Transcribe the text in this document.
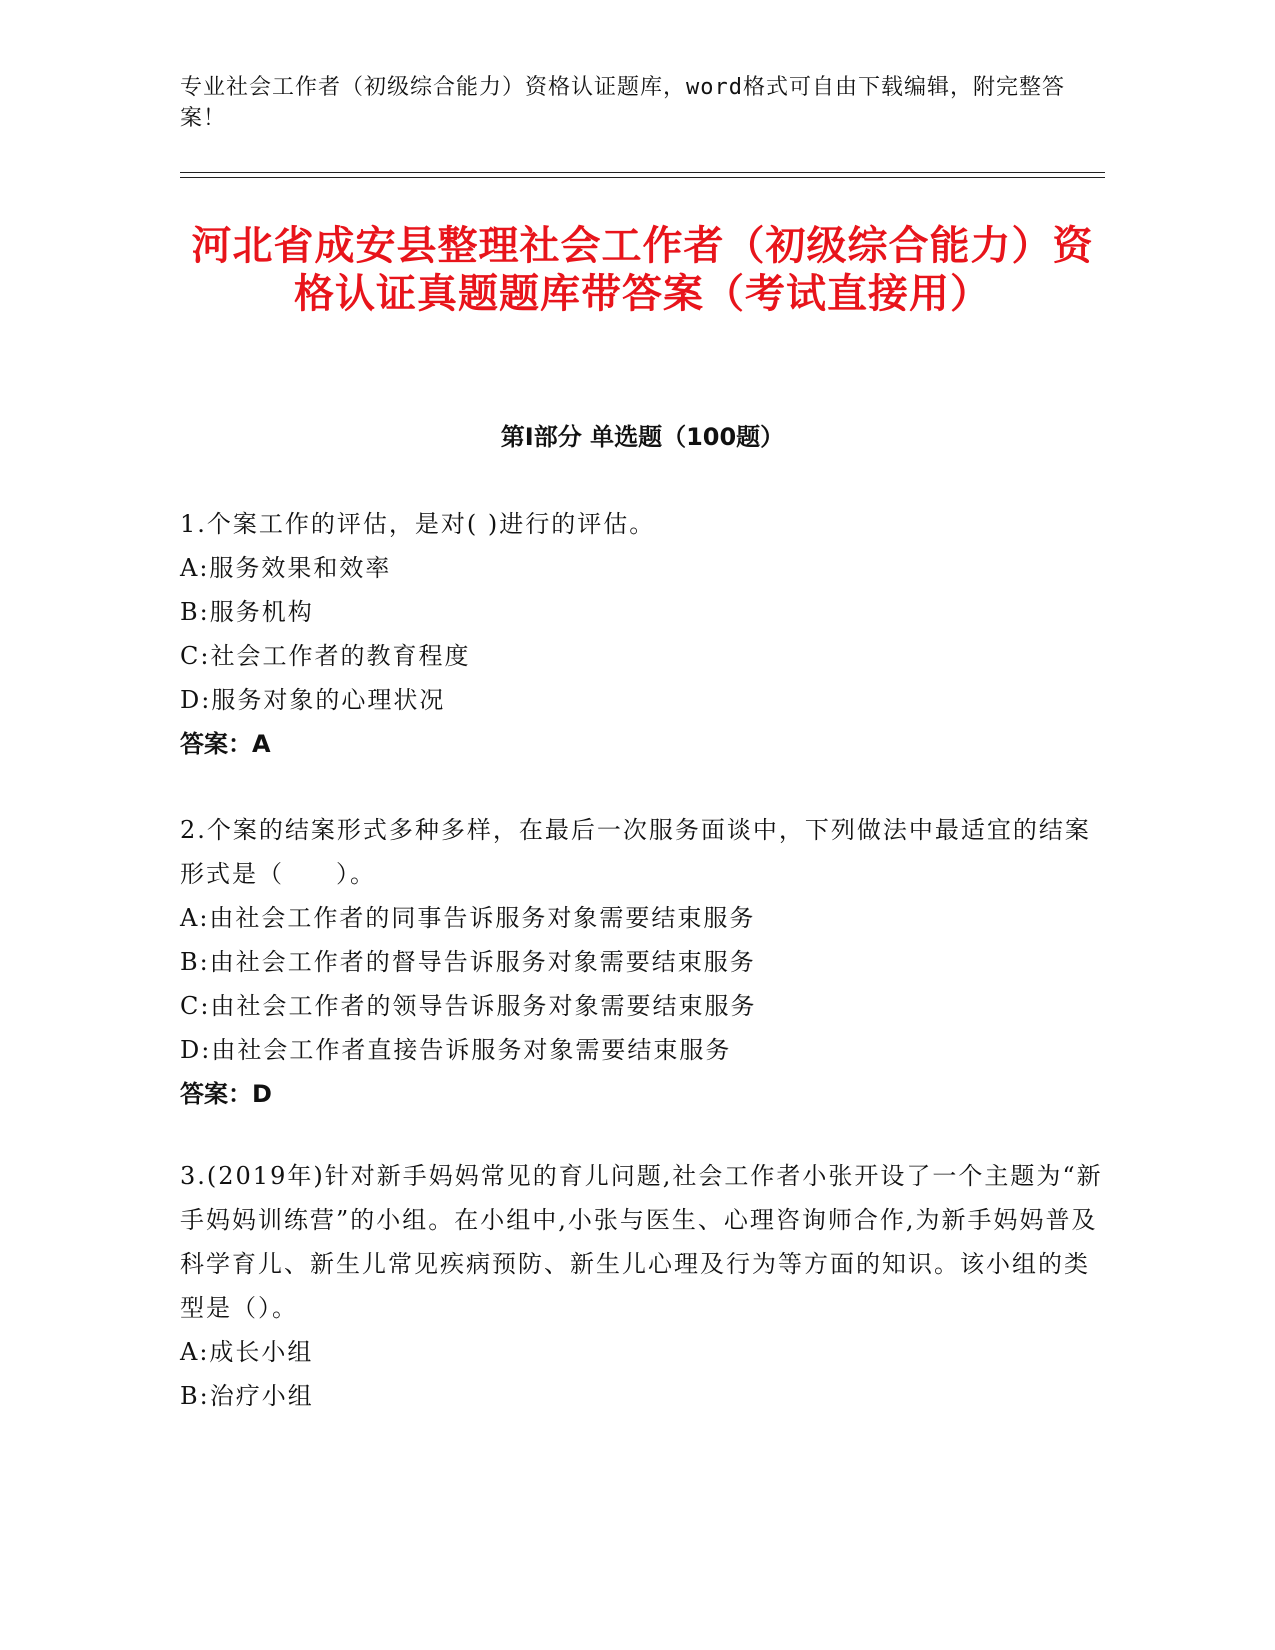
专业社会工作者（初级综合能力）资格认证题库，word格式可自由下载编辑，附完整答案！
河北省成安县整理社会工作者（初级综合能力）资格认证真题题库带答案（考试直接用）
第Ⅰ部分 单选题（100题）

1.个案工作的评估，是对( )进行的评估。

A:服务效果和效率

B:服务机构

C:社会工作者的教育程度

D:服务对象的心理状况

答案：A

2.个案的结案形式多种多样，在最后一次服务面谈中，下列做法中最适宜的结案形式是（　　）。

A:由社会工作者的同事告诉服务对象需要结束服务

B:由社会工作者的督导告诉服务对象需要结束服务

C:由社会工作者的领导告诉服务对象需要结束服务

D:由社会工作者直接告诉服务对象需要结束服务

答案：D

3.(2019年)针对新手妈妈常见的育儿问题,社会工作者小张开设了一个主题为“新手妈妈训练营”的小组。在小组中,小张与医生、心理咨询师合作,为新手妈妈普及科学育儿、新生儿常见疾病预防、新生儿心理及行为等方面的知识。该小组的类型是（）。

A:成长小组

B:治疗小组
